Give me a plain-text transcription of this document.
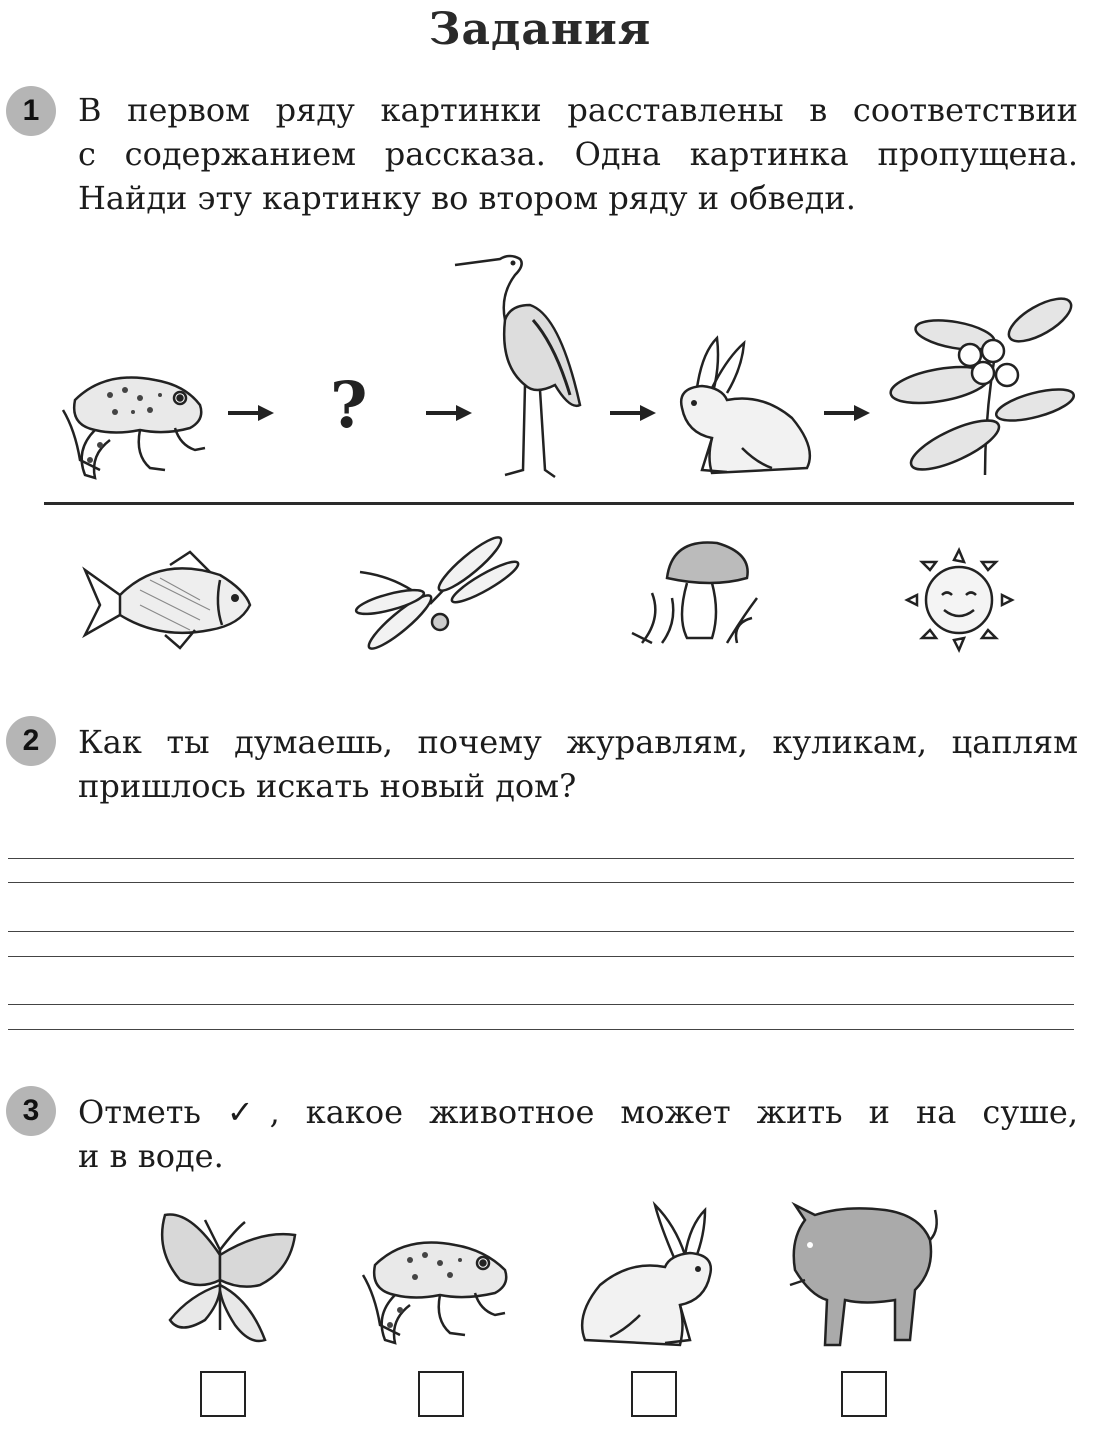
Задания
1	В первом ряду картинки расставлены в соответствии
с содержанием рассказа. Одна картинка пропущена.
Найди эту картинку во втором ряду и обведи.
?
2	Как ты думаешь, почему журавлям, куликам, цаплям
пришлось искать новый дом?
3	Отметь ✓, какое животное может жить и на суше,
и в воде.
